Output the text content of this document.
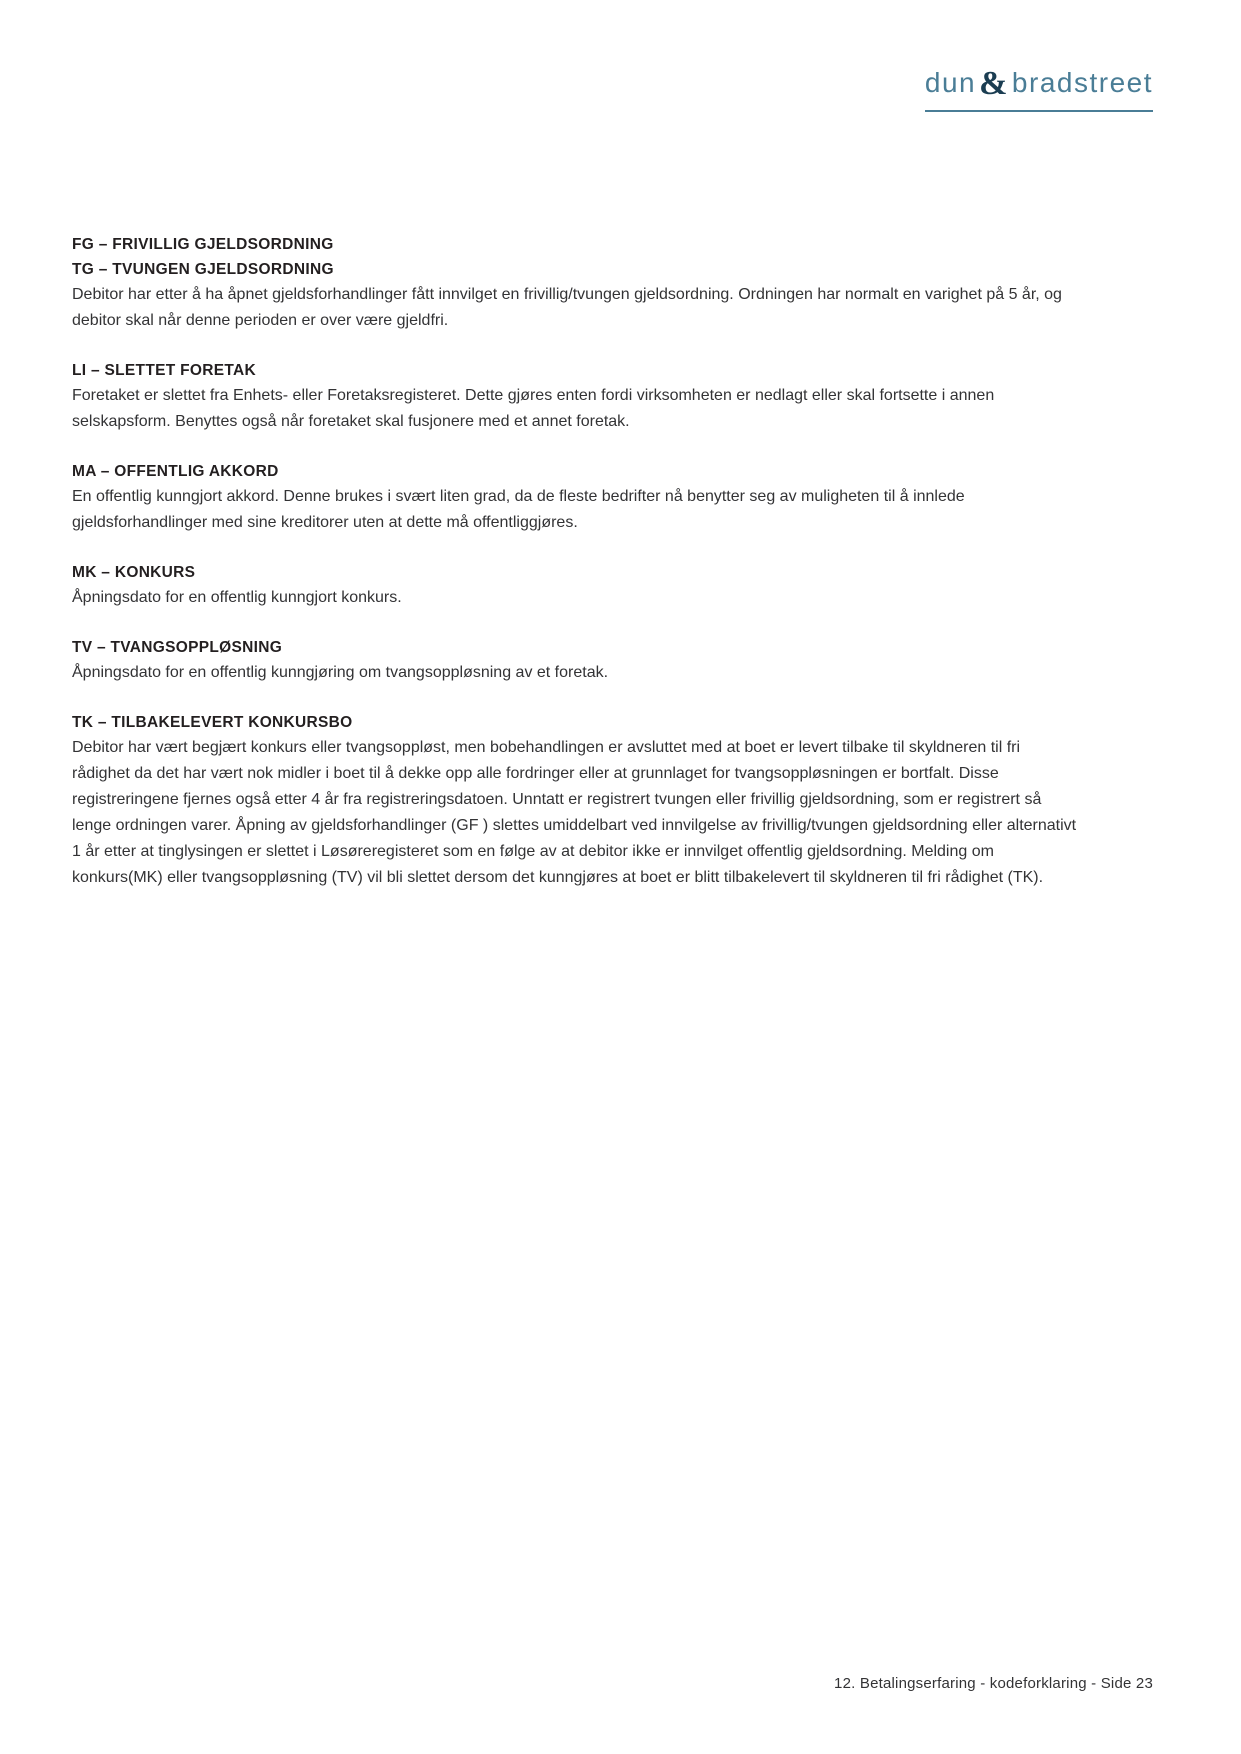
dun & bradstreet

FG – FRIVILLIG GJELDSORDNING

TG – TVUNGEN GJELDSORDNING

Debitor har etter å ha åpnet gjeldsforhandlinger fått innvilget en frivillig/tvungen gjeldsordning. Ordningen har normalt en varighet på 5 år, og debitor skal når denne perioden er over være gjeldfri.

LI – SLETTET FORETAK

Foretaket er slettet fra Enhets- eller Foretaksregisteret. Dette gjøres enten fordi virksomheten er nedlagt eller skal fortsette i annen selskapsform. Benyttes også når foretaket skal fusjonere med et annet foretak.

MA – OFFENTLIG AKKORD

En offentlig kunngjort akkord. Denne brukes i svært liten grad, da de fleste bedrifter nå benytter seg av muligheten til å innlede gjeldsforhandlinger med sine kreditorer uten at dette må offentliggjøres.

MK – KONKURS

Åpningsdato for en offentlig kunngjort konkurs.

TV – TVANGSOPPLØSNING

Åpningsdato for en offentlig kunngjøring om tvangsoppløsning av et foretak.

TK – TILBAKELEVERT KONKURSBO

Debitor har vært begjært konkurs eller tvangsoppløst, men bobehandlingen er avsluttet med at boet er levert tilbake til skyldneren til fri rådighet da det har vært nok midler i boet til å dekke opp alle fordringer eller at grunnlaget for tvangsoppløsningen er bortfalt. Disse registreringene fjernes også etter 4 år fra registreringsdatoen. Unntatt er registrert tvungen eller frivillig gjeldsordning, som er registrert så lenge ordningen varer. Åpning av gjeldsforhandlinger (GF ) slettes umiddelbart ved innvilgelse av frivillig/tvungen gjeldsordning eller alternativt 1 år etter at tinglysingen er slettet i Løsøreregisteret som en følge av at debitor ikke er innvilget offentlig gjeldsordning. Melding om konkurs(MK) eller tvangsoppløsning (TV) vil bli slettet dersom det kunngjøres at boet er blitt tilbakelevert til skyldneren til fri rådighet (TK).

12. Betalingserfaring - kodeforklaring - Side 23
